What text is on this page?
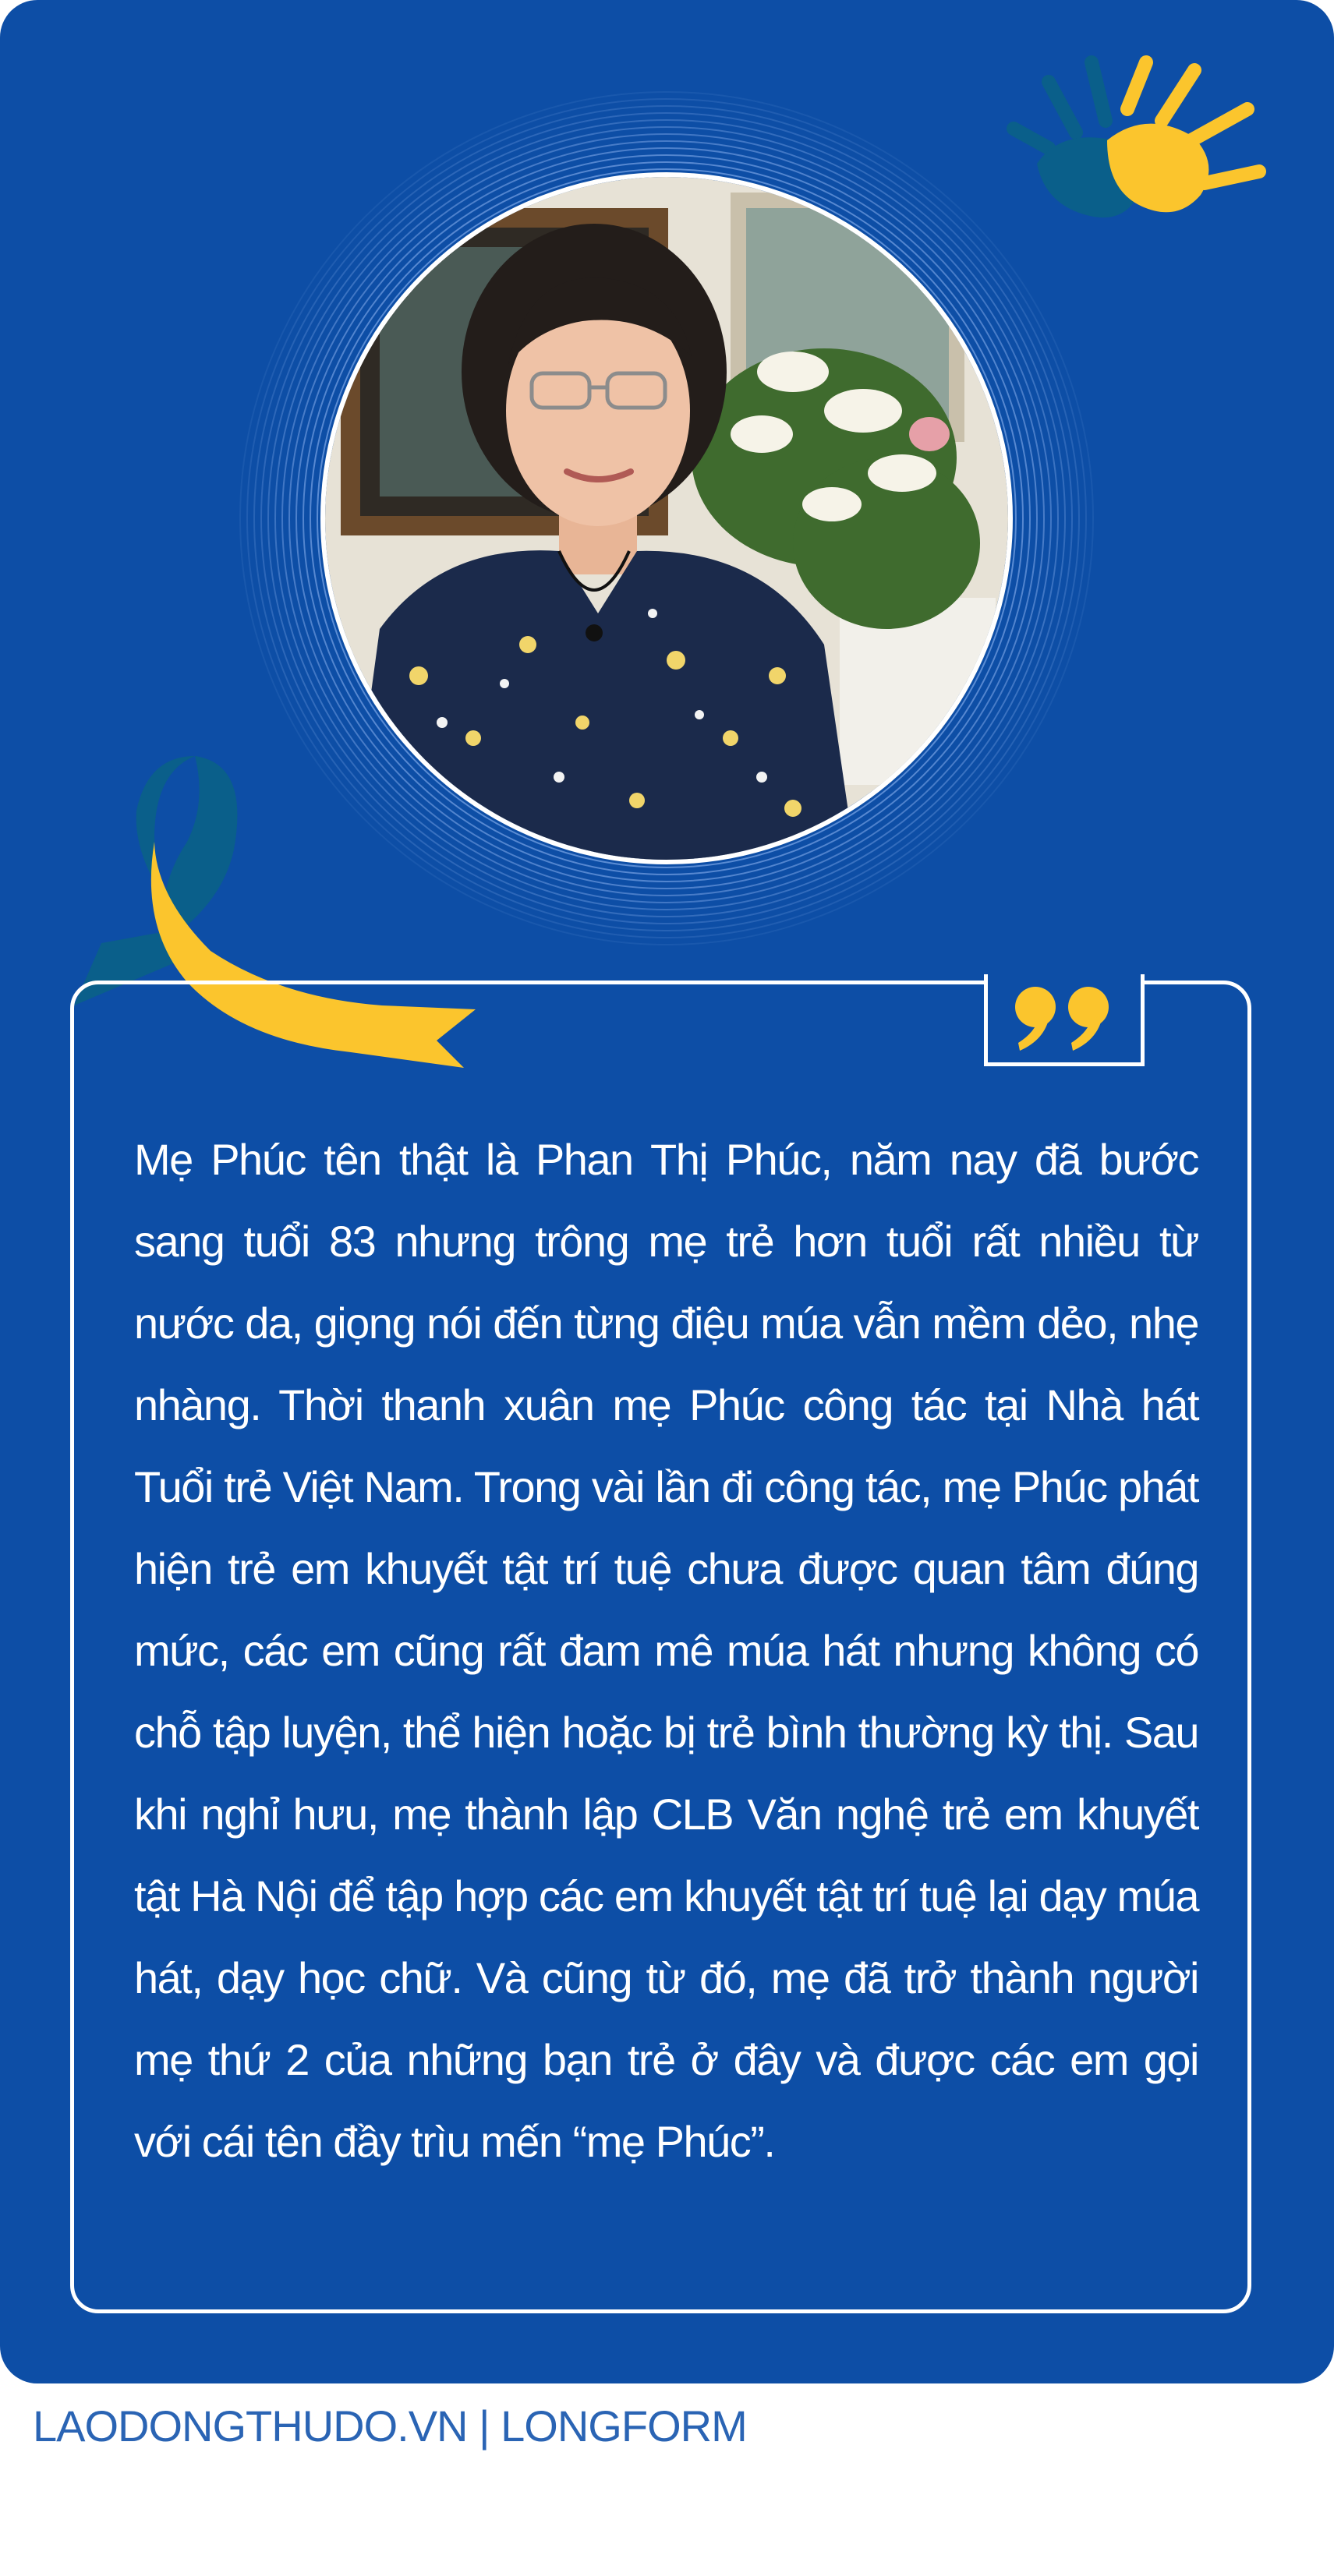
Mẹ Phúc tên thật là Phan Thị Phúc, năm nay đã bước sang tuổi 83 nhưng trông mẹ trẻ hơn tuổi rất nhiều từ nước da, giọng nói đến từng điệu múa vẫn mềm dẻo, nhẹ nhàng. Thời thanh xuân mẹ Phúc công tác tại Nhà hát Tuổi trẻ Việt Nam. Trong vài lần đi công tác, mẹ Phúc phát hiện trẻ em khuyết tật trí tuệ chưa được quan tâm đúng mức, các em cũng rất đam mê múa hát nhưng không có chỗ tập luyện, thể hiện hoặc bị trẻ bình thường kỳ thị. Sau khi nghỉ hưu, mẹ thành lập CLB Văn nghệ trẻ em khuyết tật Hà Nội để tập hợp các em khuyết tật trí tuệ lại dạy múa hát, dạy học chữ. Và cũng từ đó, mẹ đã trở thành người mẹ thứ 2 của những bạn trẻ ở đây và được các em gọi với cái tên đầy trìu mến “mẹ Phúc”.

LAODONGTHUDO.VN | LONGFORM
